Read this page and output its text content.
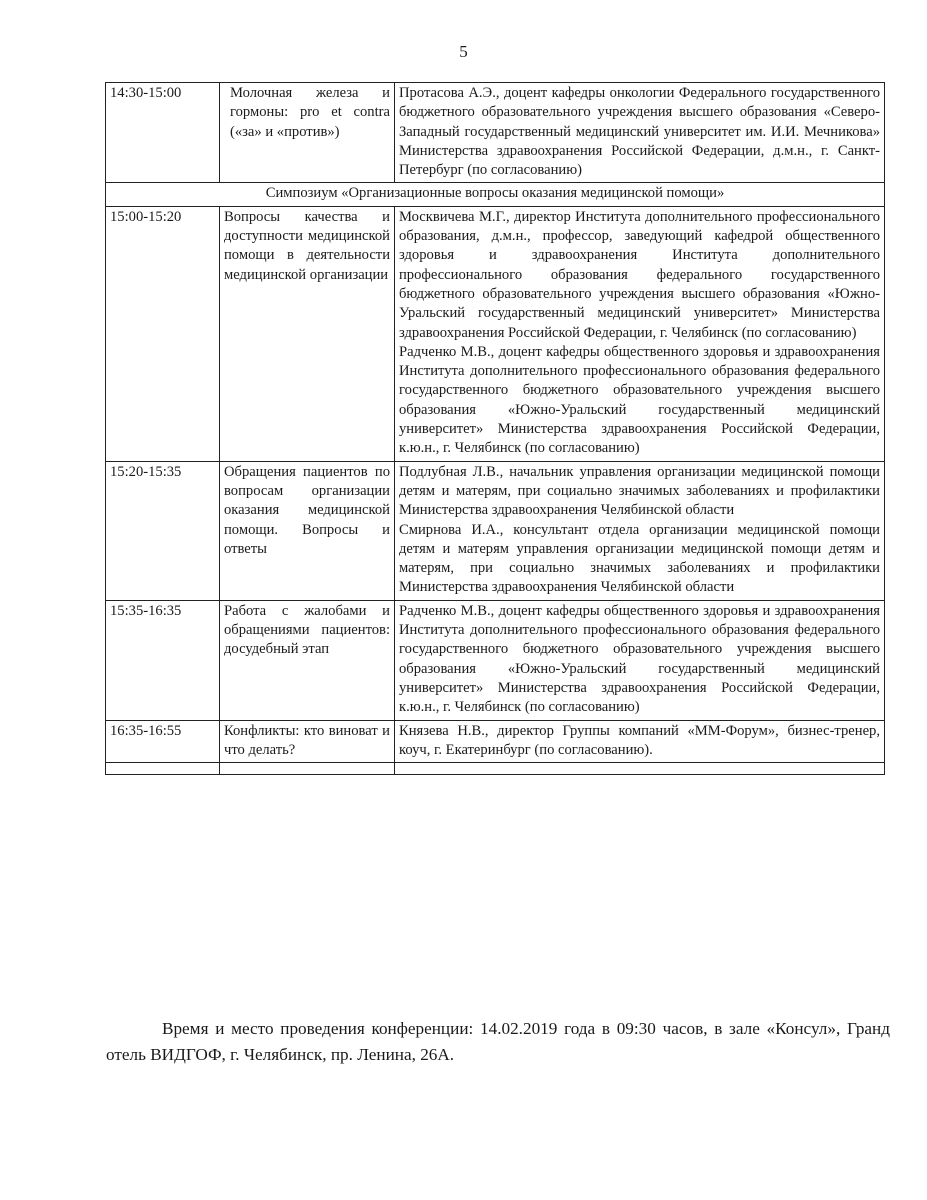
5
14:30-15:00	Молочная железа и гормоны: pro et contra («за» и «против»)	Протасова А.Э., доцент кафедры онкологии Федерального государственного бюджетного образовательного учреждения высшего образования «Северо-Западный государственный медицинский университет им. И.И. Мечникова» Министерства здравоохранения Российской Федерации, д.м.н., г. Санкт-Петербург (по согласованию)

Симпозиум «Организационные вопросы оказания медицинской помощи»		
15:00-15:20	Вопросы качества и доступности медицинской помощи в деятельности медицинской организации	Москвичева М.Г., директор Института дополнительного профессионального образования, д.м.н., профессор, заведующий кафедрой общественного здоровья и здравоохранения Института дополнительного профессионального образования федерального государственного бюджетного образовательного учреждения высшего образования «Южно-Уральский государственный медицинский университет» Министерства здравоохранения Российской Федерации, г. Челябинск (по согласованию)

Радченко М.В., доцент кафедры общественного здоровья и здравоохранения Института дополнительного профессионального образования федерального государственного бюджетного образовательного учреждения высшего образования «Южно-Уральский государственный медицинский университет» Министерства здравоохранения Российской Федерации, к.ю.н., г. Челябинск (по согласованию)

15:20-15:35	Обращения пациентов по вопросам организации оказания медицинской помощи. Вопросы и ответы	Подлубная Л.В., начальник управления организации медицинской помощи детям и матерям, при социально значимых заболеваниях и профилактики Министерства здравоохранения Челябинской области

Смирнова И.А., консультант отдела организации медицинской помощи детям и матерям управления организации медицинской помощи детям и матерям, при социально значимых заболеваниях и профилактики Министерства здравоохранения Челябинской области

15:35-16:35	Работа с жалобами и обращениями пациентов: досудебный этап	Радченко М.В., доцент кафедры общественного здоровья и здравоохранения Института дополнительного профессионального образования федерального государственного бюджетного образовательного учреждения высшего образования «Южно-Уральский государственный медицинский университет» Министерства здравоохранения Российской Федерации, к.ю.н., г. Челябинск (по согласованию)

16:35-16:55	Конфликты: кто виноват и что делать?	Князева Н.В., директор Группы компаний «ММ-Форум», бизнес-тренер, коуч, г. Екатеринбург (по согласованию).

Время и место проведения конференции: 14.02.2019 года в 09:30 часов, в зале «Консул», Гранд отель ВИДГОФ, г. Челябинск, пр. Ленина, 26А.
